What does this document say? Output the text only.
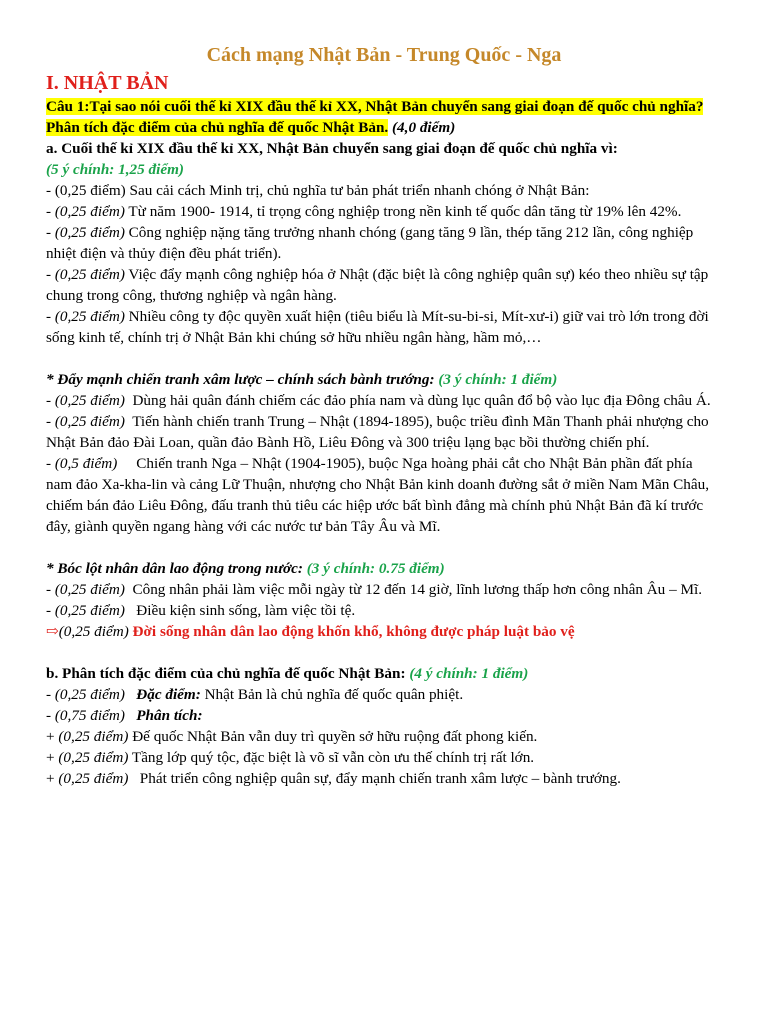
Cách mạng Nhật Bản - Trung Quốc - Nga
I. NHẬT BẢN

Câu 1:Tại sao nói cuối thế kỉ XIX đầu thế kỉ XX, Nhật Bản chuyển sang giai đoạn đế quốc chủ nghĩa? Phân tích đặc điểm của chủ nghĩa đế quốc Nhật Bản. (4,0 điểm)

a. Cuối thế kỉ XIX đầu thế kỉ XX, Nhật Bản chuyển sang giai đoạn đế quốc chủ nghĩa vì:

(5 ý chính: 1,25 điểm)

- (0,25 điểm) Sau cải cách Minh trị, chủ nghĩa tư bản phát triển nhanh chóng ở Nhật Bản:

- (0,25 điểm) Từ năm 1900- 1914, tỉ trọng công nghiệp trong nền kinh tế quốc dân tăng từ 19% lên 42%.

- (0,25 điểm) Công nghiệp nặng tăng trưởng nhanh chóng (gang tăng 9 lần, thép tăng 212 lần, công nghiệp nhiệt điện và thủy điện đều phát triển).

- (0,25 điểm) Việc đẩy mạnh công nghiệp hóa ở Nhật (đặc biệt là công nghiệp quân sự) kéo theo nhiều sự tập chung trong công, thương nghiệp và ngân hàng.

- (0,25 điểm) Nhiều công ty độc quyền xuất hiện (tiêu biểu là Mít-su-bi-si, Mít-xư-i) giữ vai trò lớn trong đời sống kinh tế, chính trị ở Nhật Bản khi chúng sở hữu nhiều ngân hàng, hầm mỏ,…

* Đẩy mạnh chiến tranh xâm lược – chính sách bành trướng: (3 ý chính: 1 điểm)

- (0,25 điểm)  Dùng hải quân đánh chiếm các đảo phía nam và dùng lục quân đổ bộ vào lục địa Đông châu Á.

- (0,25 điểm)  Tiến hành chiến tranh Trung – Nhật (1894-1895), buộc triều đình Mãn Thanh phải nhượng cho Nhật Bản đảo Đài Loan, quần đảo Bành Hồ, Liêu Đông và 300 triệu lạng bạc bồi thường chiến phí.

- (0,5 điểm)     Chiến tranh Nga – Nhật (1904-1905), buộc Nga hoàng phải cắt cho Nhật Bản phần đất phía nam đảo Xa-kha-lin và cảng Lữ Thuận, nhượng cho Nhật Bản kinh doanh đường sắt ở miền Nam Mãn Châu, chiếm bán đảo Liêu Đông, đấu tranh thủ tiêu các hiệp ước bất bình đẳng mà chính phủ Nhật Bản đã kí trước đây, giành quyền ngang hàng với các nước tư bản Tây Âu và Mĩ.

* Bóc lột nhân dân lao động trong nước: (3 ý chính: 0.75 điểm)

- (0,25 điểm)  Công nhân phải làm việc mỗi ngày từ 12 đến 14 giờ, lĩnh lương thấp hơn công nhân Âu – Mĩ.

- (0,25 điểm)   Điều kiện sinh sống, làm việc tồi tệ.

⇨(0,25 điểm) Đời sống nhân dân lao động khốn khổ, không được pháp luật bảo vệ

b. Phân tích đặc điểm của chủ nghĩa đế quốc Nhật Bản: (4 ý chính: 1 điểm)

- (0,25 điểm) Đặc điểm: Nhật Bản là chủ nghĩa đế quốc quân phiệt.

- (0,75 điểm) Phân tích:

+ (0,25 điểm) Đế quốc Nhật Bản vẫn duy trì quyền sở hữu ruộng đất phong kiến.

+ (0,25 điểm) Tầng lớp quý tộc, đặc biệt là võ sĩ vẫn còn ưu thế chính trị rất lớn.

+ (0,25 điểm)   Phát triển công nghiệp quân sự, đẩy mạnh chiến tranh xâm lược – bành trướng.
